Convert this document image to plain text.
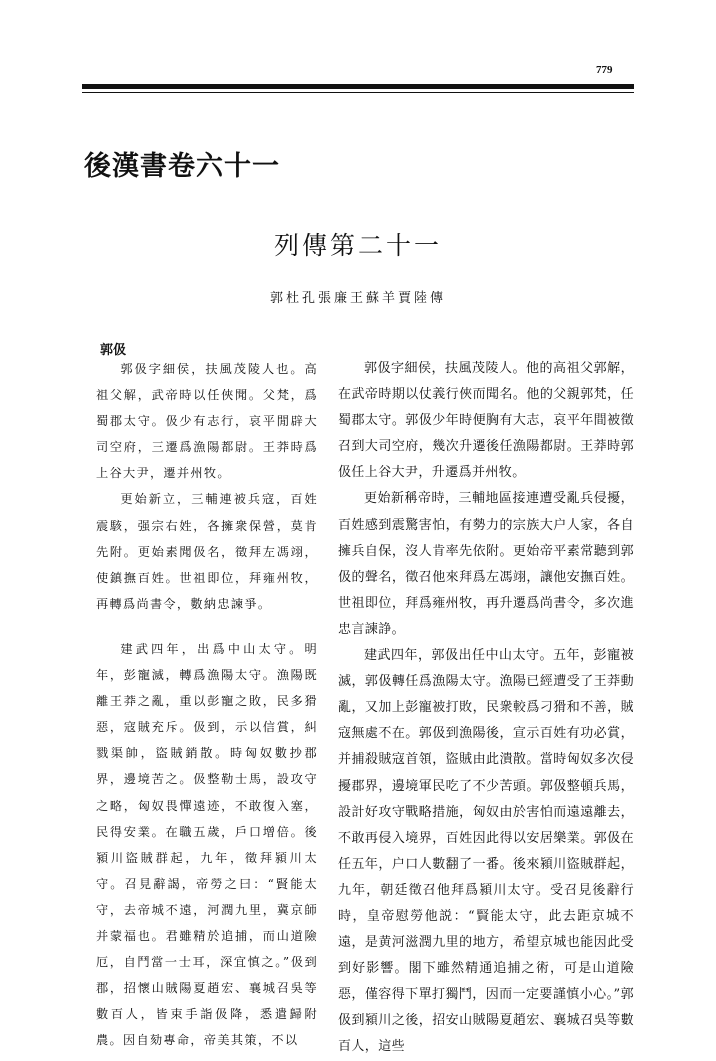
779
後漢書卷六十一
列傳第二十一
郭杜孔張廉王蘇羊賈陸傳
郭伋

郭伋字細侯，扶風茂陵人也。高祖父解，武帝時以任俠聞。父梵，爲蜀郡太守。伋少有志行，哀平閒辟大司空府，三遷爲漁陽都尉。王莽時爲上谷大尹，遷并州牧。

更始新立，三輔連被兵寇，百姓震駭，强宗右姓，各擁衆保營，莫肯先附。更始素聞伋名，徵拜左馮翊，使鎮撫百姓。世祖即位，拜雍州牧，再轉爲尚書令，數納忠諫爭。

建武四年，出爲中山太守。明年，彭寵滅，轉爲漁陽太守。漁陽既離王莽之亂，重以彭寵之敗，民多猾惡，寇賊充斥。伋到，示以信賞，糾戮渠帥，盜賊銷散。時匈奴數抄郡界，邊境苦之。伋整勒士馬，設攻守之略，匈奴畏憚遠迹，不敢復入塞，民得安業。在職五歲，戶口增倍。後潁川盜賊群起，九年，徵拜潁川太守。召見辭謁，帝勞之曰：“賢能太守，去帝城不遠，河潤九里，冀京師并蒙福也。君雖精於追捕，而山道險厄，自鬥當一士耳，深宜慎之。”伋到郡，招懷山賊陽夏趙宏、襄城召吳等數百人，皆束手詣伋降，悉遣歸附農。因自劾專命，帝美其策，不以

郭伋字細侯，扶風茂陵人。他的高祖父郭解，在武帝時期以仗義行俠而聞名。他的父親郭梵，任蜀郡太守。郭伋少年時便胸有大志，哀平年間被徵召到大司空府，幾次升遷後任漁陽都尉。王莽時郭伋任上谷大尹，升遷爲并州牧。

更始新稱帝時，三輔地區接連遭受亂兵侵擾，百姓感到震驚害怕，有勢力的宗族大户人家，各自擁兵自保，沒人肯率先依附。更始帝平素常聽到郭伋的聲名，徵召他來拜爲左馮翊，讓他安撫百姓。世祖即位，拜爲雍州牧，再升遷爲尚書令，多次進忠言諫諍。

建武四年，郭伋出任中山太守。五年，彭寵被滅，郭伋轉任爲漁陽太守。漁陽已經遭受了王莽動亂，又加上彭寵被打敗，民衆較爲刁猾和不善，賊寇無處不在。郭伋到漁陽後，宣示百姓有功必賞，并捕殺賊寇首領，盜賊由此潰散。當時匈奴多次侵擾郡界，邊境軍民吃了不少苦頭。郭伋整頓兵馬，設計好攻守戰略措施，匈奴由於害怕而遠遠離去，不敢再侵入境界，百姓因此得以安居樂業。郭伋在任五年，户口人數翻了一番。後來潁川盜賊群起，九年，朝廷徵召他拜爲潁川太守。受召見後辭行時，皇帝慰勞他説：“賢能太守，此去距京城不遠，是黄河滋潤九里的地方，希望京城也能因此受到好影響。閣下雖然精通追捕之術，可是山道險惡，僅容得下單打獨鬥，因而一定要謹慎小心。”郭伋到潁川之後，招安山賊陽夏趙宏、襄城召吳等數百人，這些
